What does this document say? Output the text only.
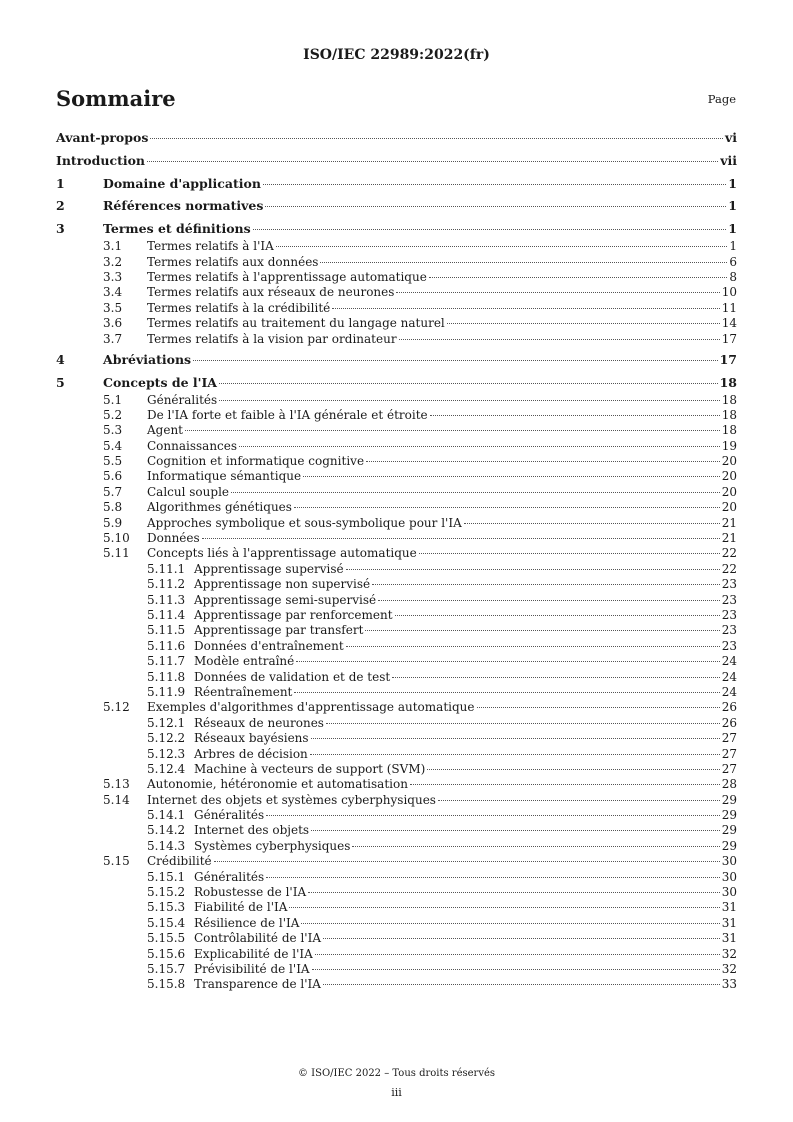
ISO/IEC 22989:2022(fr)
Sommaire	Page
Avant-propos	vi
Introduction	vii
1	Domaine d'application	1
2	Références normatives	1
3	Termes et définitions	1
3.1	Termes relatifs à l'IA	1
3.2	Termes relatifs aux données	6
3.3	Termes relatifs à l'apprentissage automatique	8
3.4	Termes relatifs aux réseaux de neurones	10
3.5	Termes relatifs à la crédibilité	11
3.6	Termes relatifs au traitement du langage naturel	14
3.7	Termes relatifs à la vision par ordinateur	17
4	Abréviations	17
5	Concepts de l'IA	18
5.1	Généralités	18
5.2	De l'IA forte et faible à l'IA générale et étroite	18
5.3	Agent	18
5.4	Connaissances	19
5.5	Cognition et informatique cognitive	20
5.6	Informatique sémantique	20
5.7	Calcul souple	20
5.8	Algorithmes génétiques	20
5.9	Approches symbolique et sous-symbolique pour l'IA	21
5.10	Données	21
5.11	Concepts liés à l'apprentissage automatique	22
5.11.1 Apprentissage supervisé	22
5.11.2 Apprentissage non supervisé	23
5.11.3 Apprentissage semi-supervisé	23
5.11.4 Apprentissage par renforcement	23
5.11.5 Apprentissage par transfert	23
5.11.6 Données d'entraînement	23
5.11.7 Modèle entraîné	24
5.11.8 Données de validation et de test	24
5.11.9 Réentraînement	24
5.12	Exemples d'algorithmes d'apprentissage automatique	26
5.12.1 Réseaux de neurones	26
5.12.2 Réseaux bayésiens	27
5.12.3 Arbres de décision	27
5.12.4 Machine à vecteurs de support (SVM)	27
5.13	Autonomie, hétéronomie et automatisation	28
5.14	Internet des objets et systèmes cyberphysiques	29
5.14.1 Généralités	29
5.14.2 Internet des objets	29
5.14.3 Systèmes cyberphysiques	29
5.15	Crédibilité	30
5.15.1 Généralités	30
5.15.2 Robustesse de l'IA	30
5.15.3 Fiabilité de l'IA	31
5.15.4 Résilience de l'IA	31
5.15.5 Contrôlabilité de l'IA	31
5.15.6 Explicabilité de l'IA	32
5.15.7 Prévisibilité de l'IA	32
5.15.8 Transparence de l'IA	33
© ISO/IEC 2022 – Tous droits réservés
iii
